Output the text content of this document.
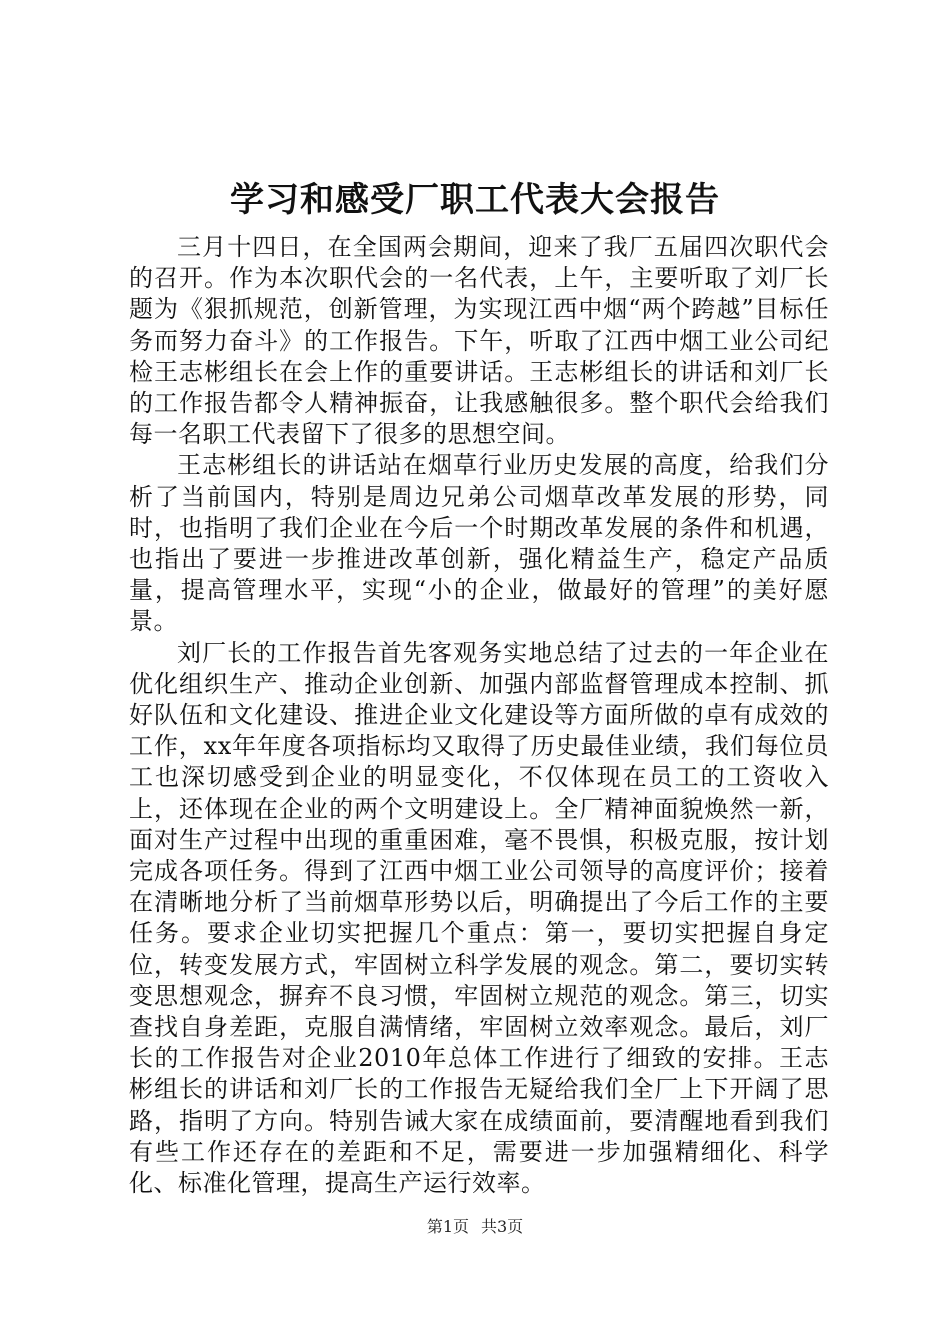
学习和感受厂职工代表大会报告

三月十四日，在全国两会期间，迎来了我厂五届四次职代会的召开。作为本次职代会的一名代表，上午，主要听取了刘厂长题为《狠抓规范，创新管理，为实现江西中烟“两个跨越”目标任务而努力奋斗》的工作报告。下午，听取了江西中烟工业公司纪检王志彬组长在会上作的重要讲话。王志彬组长的讲话和刘厂长的工作报告都令人精神振奋，让我感触很多。整个职代会给我们每一名职工代表留下了很多的思想空间。

王志彬组长的讲话站在烟草行业历史发展的高度，给我们分析了当前国内，特别是周边兄弟公司烟草改革发展的形势，同时，也指明了我们企业在今后一个时期改革发展的条件和机遇，也指出了要进一步推进改革创新，强化精益生产，稳定产品质量，提高管理水平，实现“小的企业，做最好的管理”的美好愿景。

刘厂长的工作报告首先客观务实地总结了过去的一年企业在优化组织生产、推动企业创新、加强内部监督管理成本控制、抓好队伍和文化建设、推进企业文化建设等方面所做的卓有成效的工作，xx年年度各项指标均又取得了历史最佳业绩，我们每位员工也深切感受到企业的明显变化，不仅体现在员工的工资收入上，还体现在企业的两个文明建设上。全厂精神面貌焕然一新，面对生产过程中出现的重重困难，毫不畏惧，积极克服，按计划完成各项任务。得到了江西中烟工业公司领导的高度评价；接着在清晰地分析了当前烟草形势以后，明确提出了今后工作的主要任务。要求企业切实把握几个重点：第一，要切实把握自身定位，转变发展方式，牢固树立科学发展的观念。第二，要切实转变思想观念，摒弃不良习惯，牢固树立规范的观念。第三，切实查找自身差距，克服自满情绪，牢固树立效率观念。最后，刘厂长的工作报告对企业2010年总体工作进行了细致的安排。王志彬组长的讲话和刘厂长的工作报告无疑给我们全厂上下开阔了思路，指明了方向。特别告诫大家在成绩面前，要清醒地看到我们有些工作还存在的差距和不足，需要进一步加强精细化、科学化、标准化管理，提高生产运行效率。

第1页 共3页
